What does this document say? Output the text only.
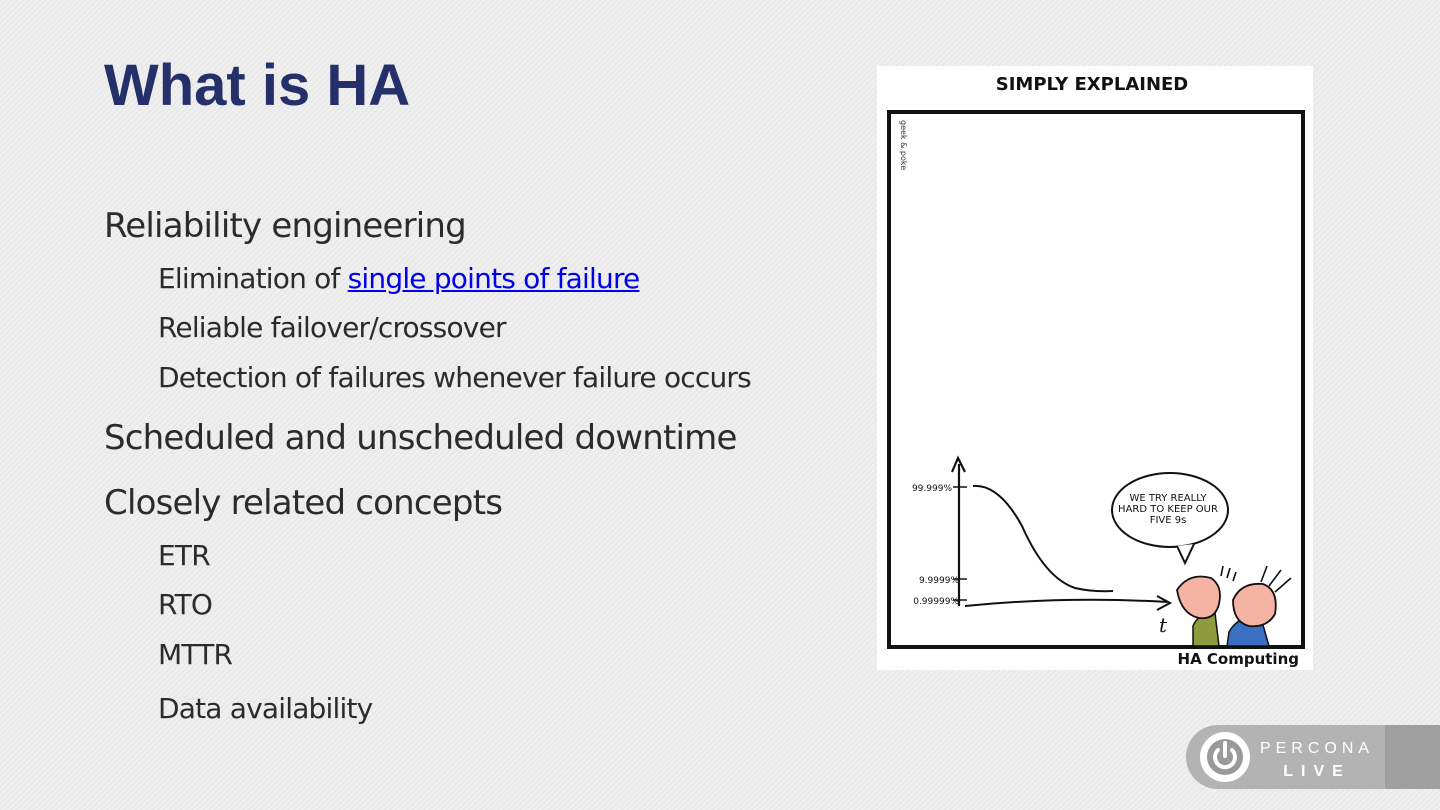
What is HA
Reliability engineering
Elimination of single points of failure
Reliable failover/crossover
Detection of failures whenever failure occurs
Scheduled and unscheduled downtime
Closely related concepts
ETR
RTO
MTTR
Data availability
SIMPLY EXPLAINED
geek & poke
99.999%
9.9999%
0.99999%
t
WE TRY REALLY
HARD TO KEEP OUR
FIVE 9s
HA Computing
PERCONA
LIVE
